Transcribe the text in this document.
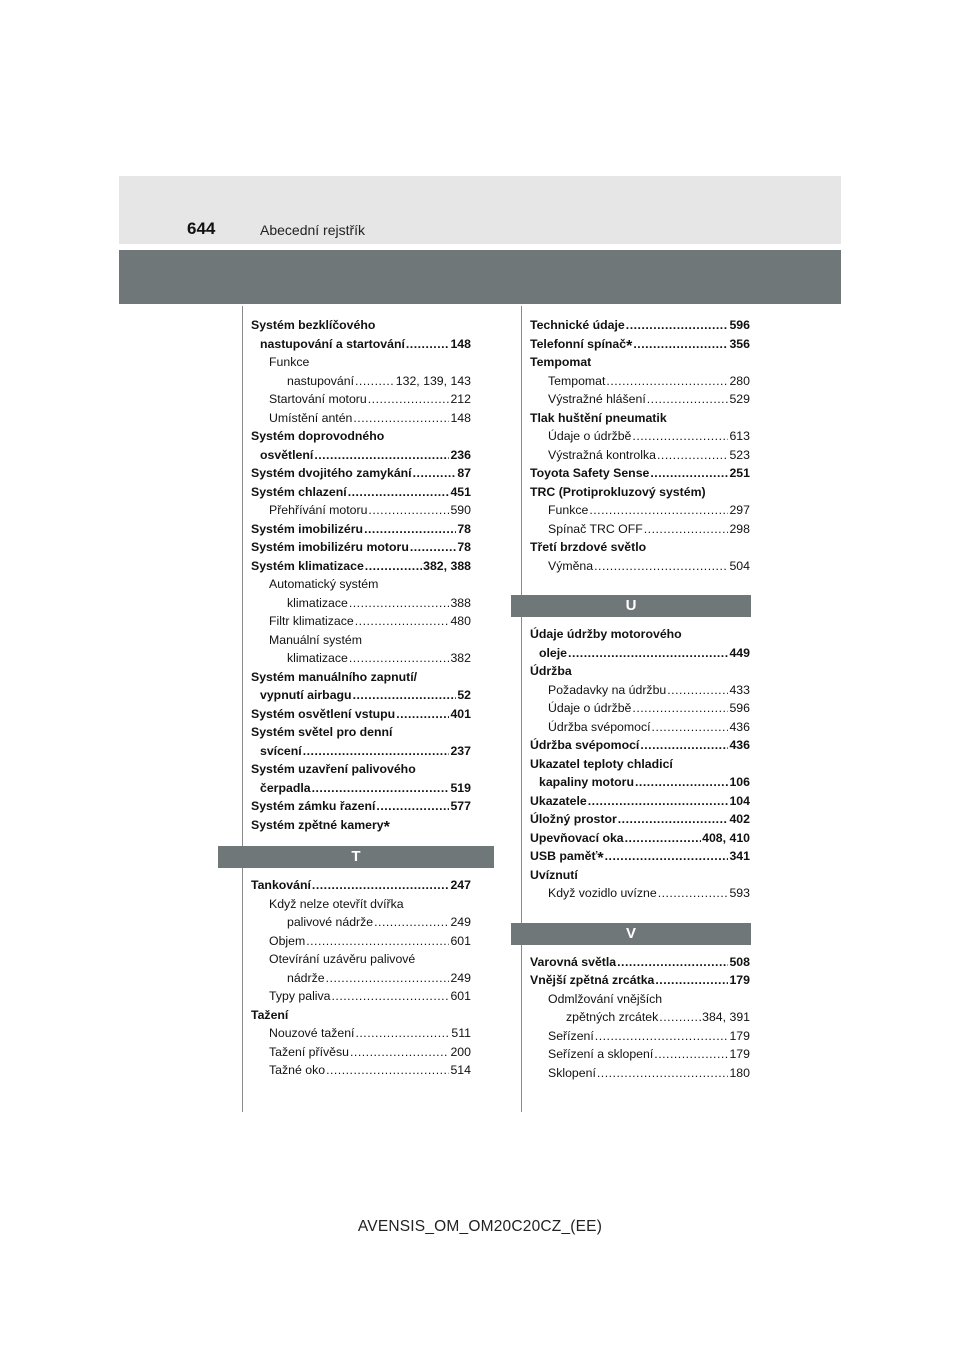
644	Abecední rejstřík
Systém bezklíčového
nastupování a startování .....	148
Funkce
nastupování .....	132, 139, 143
Startování motoru .....	212
Umístění antén .....	148
Systém doprovodného
osvětlení .....	236
Systém dvojitého zamykání .....	87
Systém chlazení .....	451
Přehřívání motoru .....	590
Systém imobilizéru .....	78
Systém imobilizéru motoru .....	78
Systém klimatizace .....	382, 388
Automatický systém
klimatizace .....	388
Filtr klimatizace .....	480
Manuální systém
klimatizace .....	382
Systém manuálního zapnutí/
vypnutí airbagu .....	52
Systém osvětlení vstupu .....	401
Systém světel pro denní
svícení .....	237
Systém uzavření palivového
čerpadla .....	519
Systém zámku řazení .....	577
Systém zpětné kamery*
T
Tankování .....	247
Když nelze otevřít dvířka
palivové nádrže .....	249
Objem .....	601
Otevírání uzávěru palivové
nádrže .....	249
Typy paliva .....	601
Tažení
Nouzové tažení .....	511
Tažení přívěsu .....	200
Tažné oko .....	514
Technické údaje .....	596
Telefonní spínač* .....	356
Tempomat
Tempomat .....	280
Výstražné hlášení .....	529
Tlak huštění pneumatik
Údaje o údržbě .....	613
Výstražná kontrolka .....	523
Toyota Safety Sense .....	251
TRC (Protiprokluzový systém)
Funkce .....	297
Spínač TRC OFF .....	298
Třetí brzdové světlo
Výměna .....	504
U
Údaje údržby motorového
oleje .....	449
Údržba
Požadavky na údržbu .....	433
Údaje o údržbě .....	596
Údržba svépomocí .....	436
Údržba svépomocí .....	436
Ukazatel teploty chladicí
kapaliny motoru .....	106
Ukazatele .....	104
Úložný prostor .....	402
Upevňovací oka .....	408, 410
USB paměť* .....	341
Uvíznutí
Když vozidlo uvízne .....	593
V
Varovná světla .....	508
Vnější zpětná zrcátka .....	179
Odmlžování vnějších
zpětných zrcátek .....	384, 391
Seřízení .....	179
Seřízení a sklopení .....	179
Sklopení .....	180
AVENSIS_OM_OM20C20CZ_(EE)
